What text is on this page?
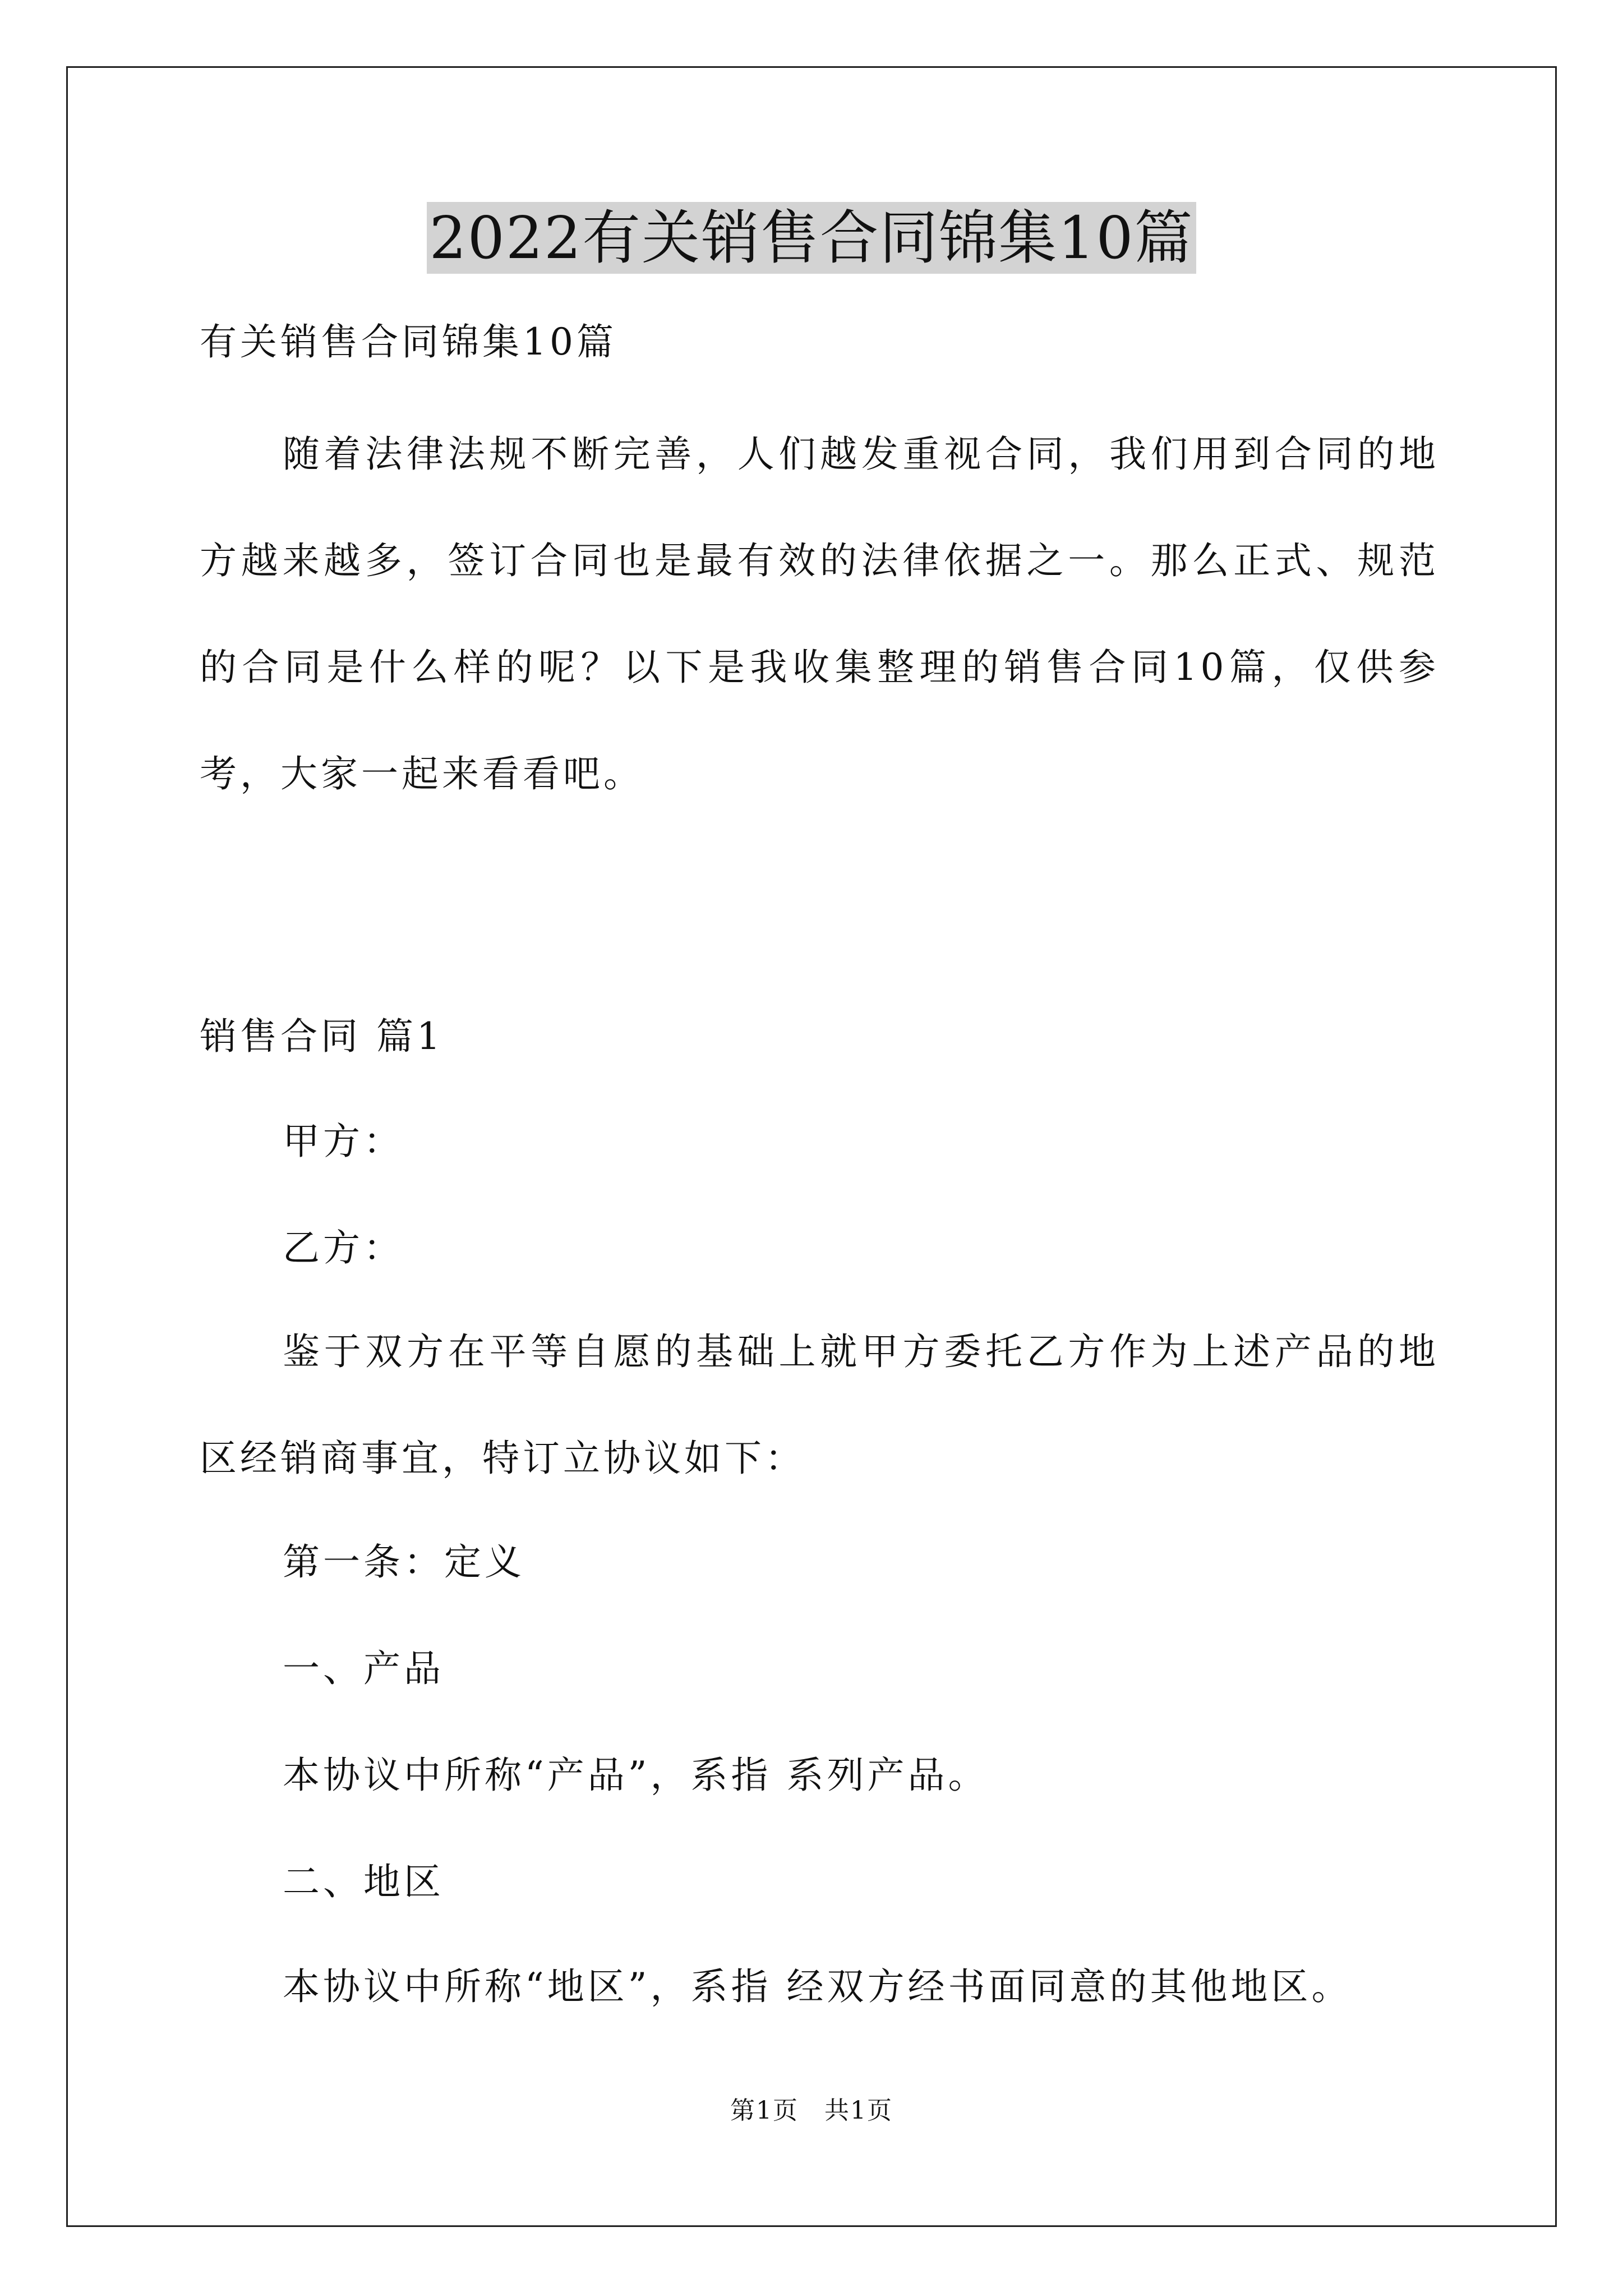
2022有关销售合同锦集10篇
有关销售合同锦集10篇
随着法律法规不断完善，人们越发重视合同，我们用到合同的地方越来越多，签订合同也是最有效的法律依据之一。那么正式、规范的合同是什么样的呢？以下是我收集整理的销售合同10篇，仅供参考，大家一起来看看吧。
销售合同 篇1
甲方：
乙方：
鉴于双方在平等自愿的基础上就甲方委托乙方作为上述产品的地区经销商事宜，特订立协议如下：
第一条：定义
一、产品
本协议中所称“产品”，系指 系列产品。
二、地区
本协议中所称“地区”，系指 经双方经书面同意的其他地区。
第1页　共1页
